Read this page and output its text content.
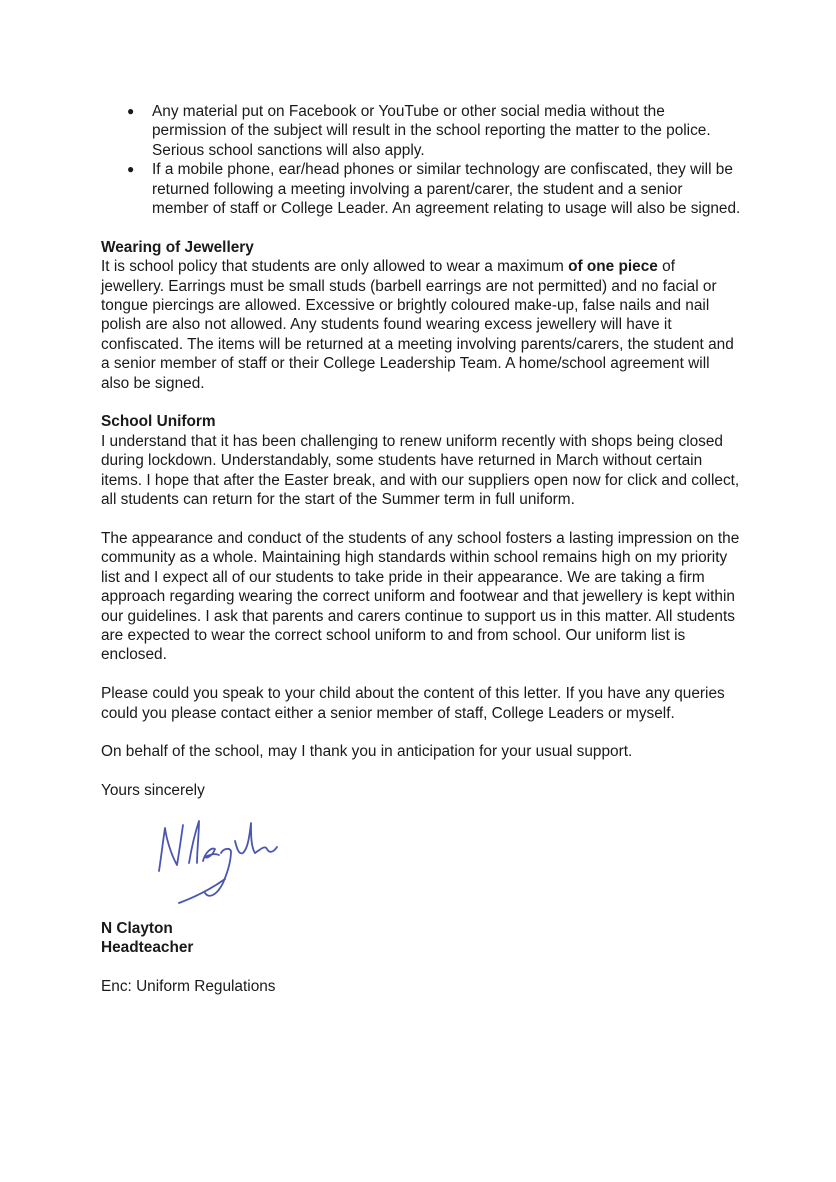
● Any material put on Facebook or YouTube or other social media without the permission of the subject will result in the school reporting the matter to the police. Serious school sanctions will also apply.
● If a mobile phone, ear/head phones or similar technology are confiscated, they will be returned following a meeting involving a parent/carer, the student and a senior member of staff or College Leader. An agreement relating to usage will also be signed.

Wearing of Jewellery

It is school policy that students are only allowed to wear a maximum of one piece of jewellery. Earrings must be small studs (barbell earrings are not permitted) and no facial or tongue piercings are allowed. Excessive or brightly coloured make-up, false nails and nail polish are also not allowed. Any students found wearing excess jewellery will have it confiscated. The items will be returned at a meeting involving parents/carers, the student and a senior member of staff or their College Leadership Team. A home/school agreement will also be signed.

School Uniform

I understand that it has been challenging to renew uniform recently with shops being closed during lockdown. Understandably, some students have returned in March without certain items. I hope that after the Easter break, and with our suppliers open now for click and collect, all students can return for the start of the Summer term in full uniform.

The appearance and conduct of the students of any school fosters a lasting impression on the community as a whole. Maintaining high standards within school remains high on my priority list and I expect all of our students to take pride in their appearance. We are taking a firm approach regarding wearing the correct uniform and footwear and that jewellery is kept within our guidelines. I ask that parents and carers continue to support us in this matter. All students are expected to wear the correct school uniform to and from school. Our uniform list is enclosed.

Please could you speak to your child about the content of this letter. If you have any queries could you please contact either a senior member of staff, College Leaders or myself.

On behalf of the school, may I thank you in anticipation for your usual support.

Yours sincerely

N Clayton

Headteacher

Enc: Uniform Regulations
